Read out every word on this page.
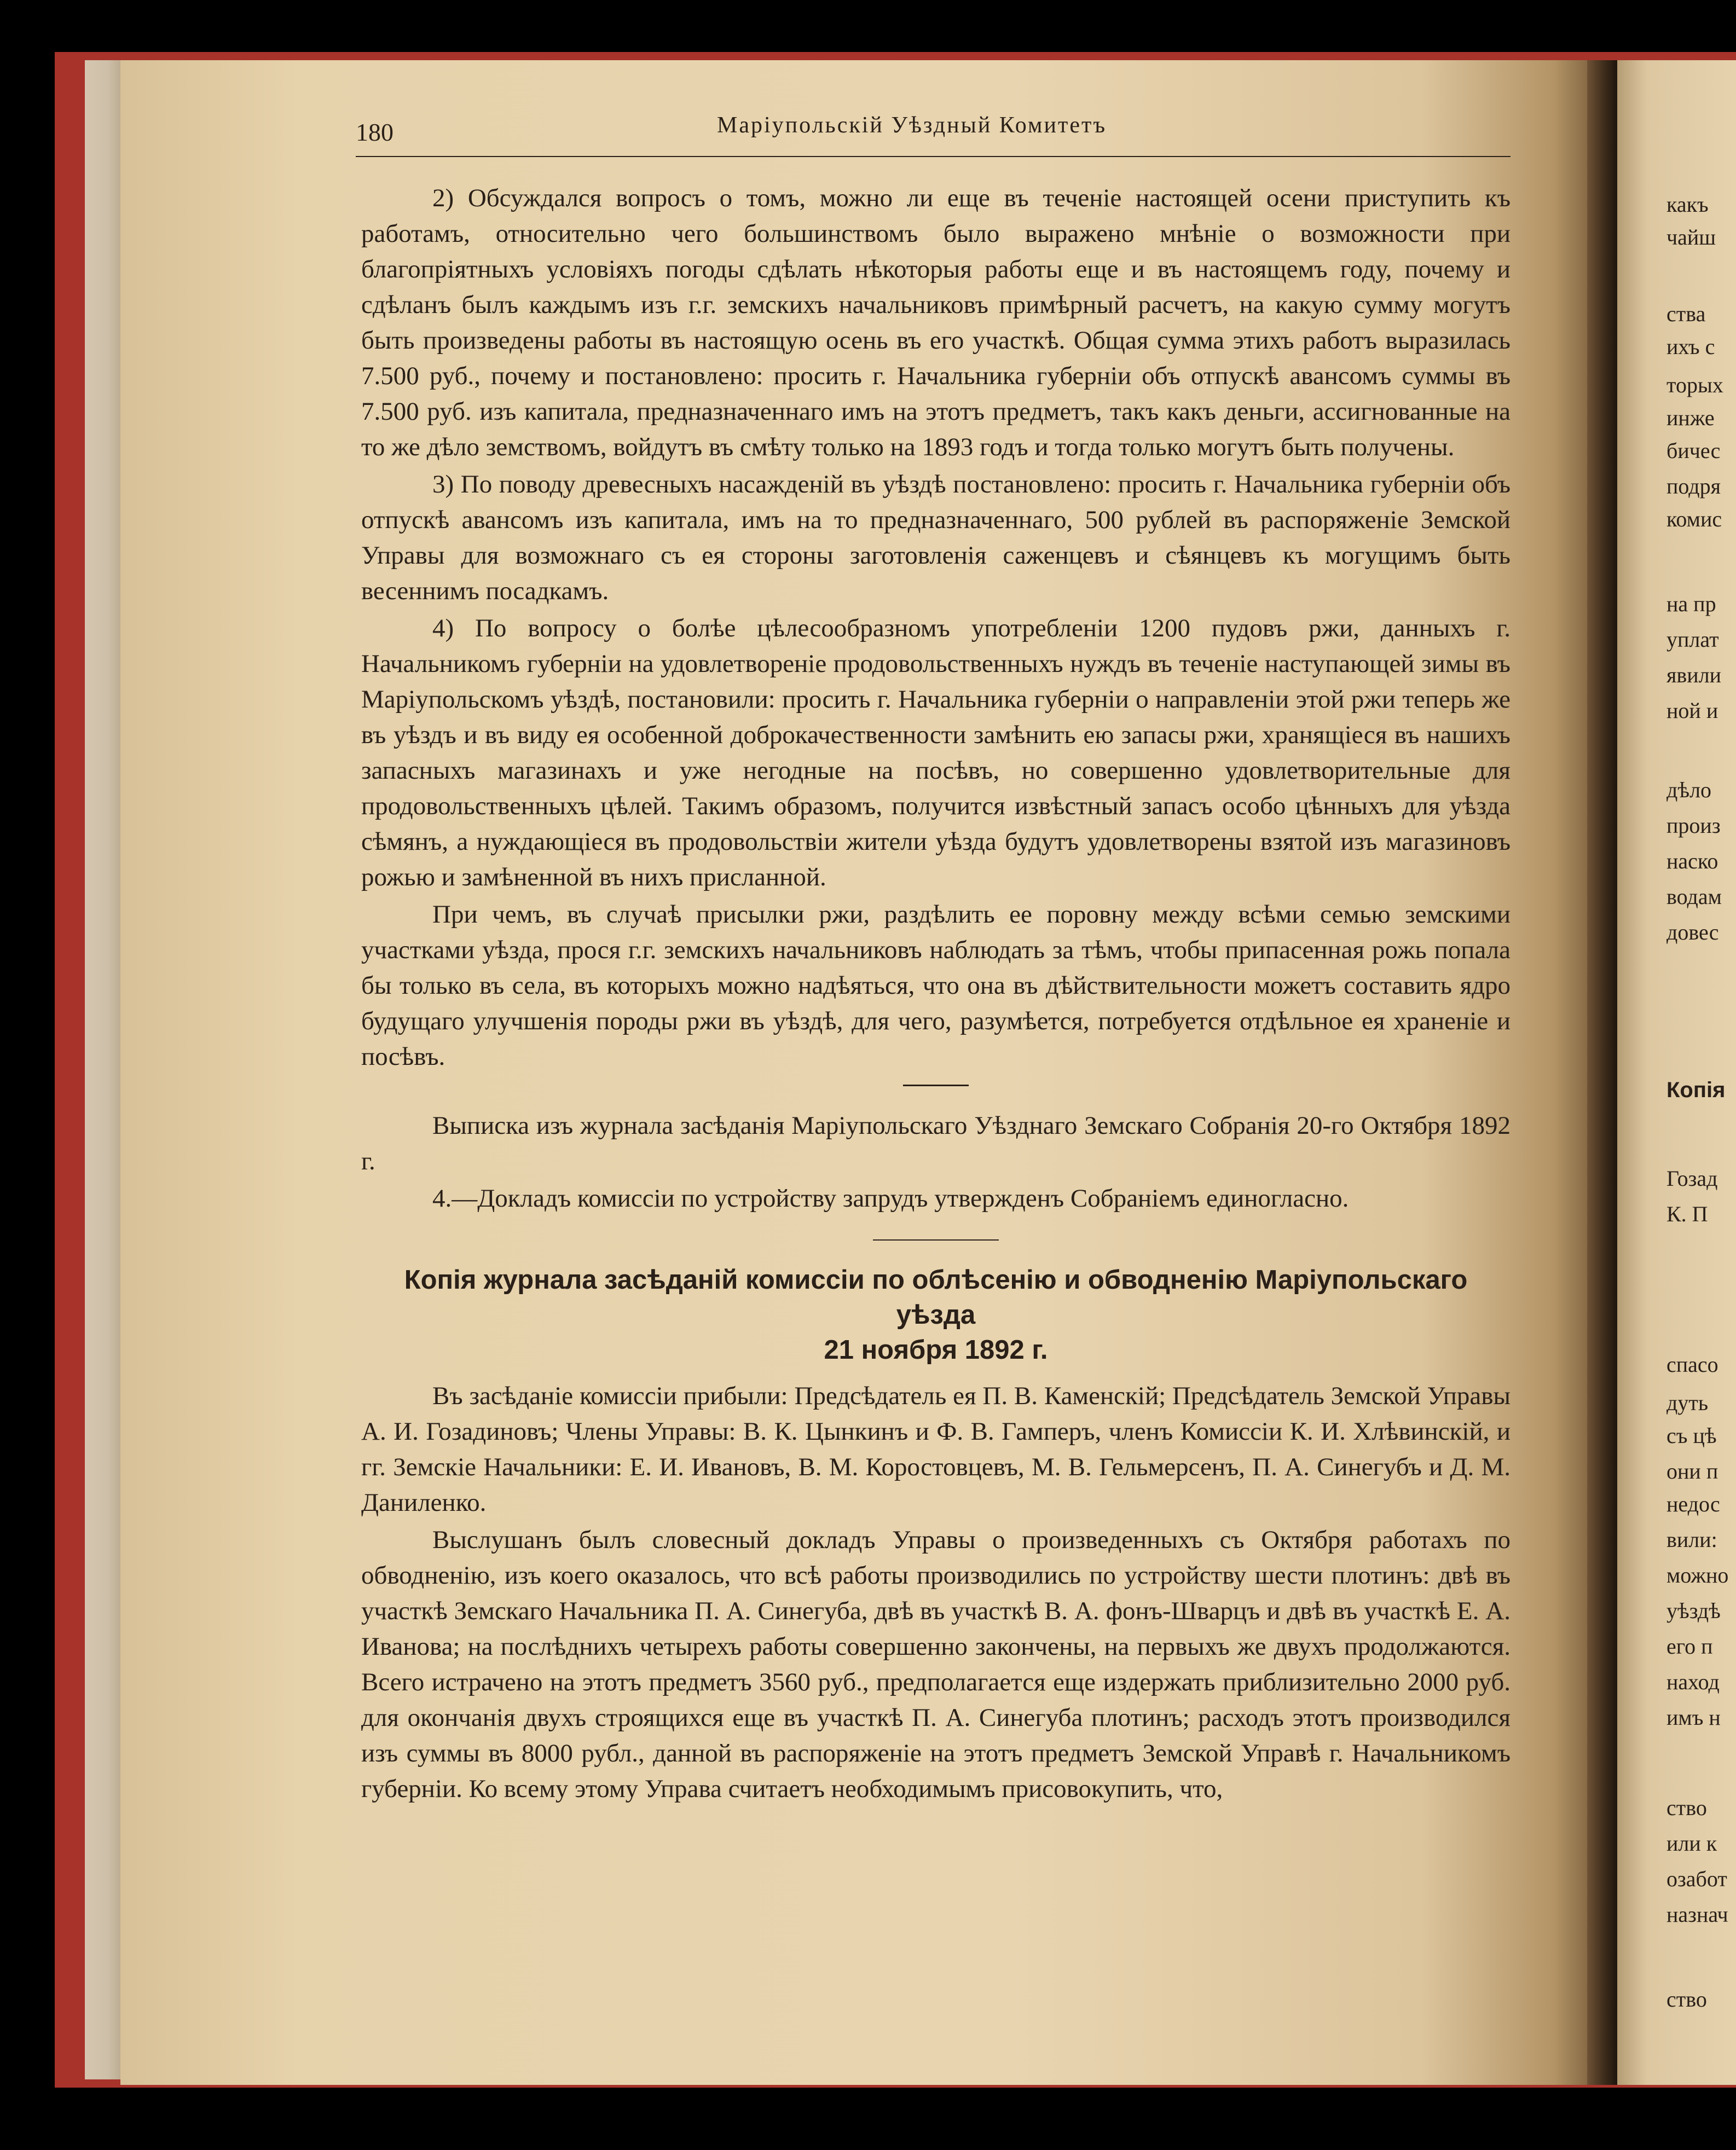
180	Маріупольскій Уѣздный Комитетъ

2) Обсуждался вопросъ о томъ, можно ли еще въ теченіе настоящей осени приступить къ работамъ, относительно чего большинствомъ было выражено мнѣніе о возможности при благопріятныхъ условіяхъ погоды сдѣлать нѣкоторыя работы еще и въ настоящемъ году, почему и сдѣланъ былъ каждымъ изъ г.г. земскихъ начальниковъ примѣрный расчетъ, на какую сумму могутъ быть произведены работы въ настоящую осень въ его участкѣ. Общая сумма этихъ работъ выразилась 7.500 руб., почему и постановлено: просить г. Начальника губерніи объ отпускѣ авансомъ суммы въ 7.500 руб. изъ капитала, предназначеннаго имъ на этотъ предметъ, такъ какъ деньги, ассигнованные на то же дѣло земствомъ, войдутъ въ смѣту только на 1893 годъ и тогда только могутъ быть получены.

3) По поводу древесныхъ насажденій въ уѣздѣ постановлено: просить г. Начальника губерніи объ отпускѣ авансомъ изъ капитала, имъ на то предназначеннаго, 500 рублей въ распоряженіе Земской Управы для возможнаго съ ея стороны заготовленія саженцевъ и сѣянцевъ къ могущимъ быть весеннимъ посадкамъ.

4) По вопросу о болѣе цѣлесообразномъ употребленіи 1200 пудовъ ржи, данныхъ г. Начальникомъ губерніи на удовлетвореніе продовольственныхъ нуждъ въ теченіе наступающей зимы въ Маріупольскомъ уѣздѣ, постановили: просить г. Начальника губерніи о направленіи этой ржи теперь же въ уѣздъ и въ виду ея особенной доброкачественности замѣнить ею запасы ржи, хранящіеся въ нашихъ запасныхъ магазинахъ и уже негодные на посѣвъ, но совершенно удовлетворительные для продовольственныхъ цѣлей. Такимъ образомъ, получится извѣстный запасъ особо цѣнныхъ для уѣзда сѣмянъ, а нуждающіеся въ продовольствіи жители уѣзда будутъ удовлетворены взятой изъ магазиновъ рожью и замѣненной въ нихъ присланной.

При чемъ, въ случаѣ присылки ржи, раздѣлить ее поровну между всѣми семью земскими участками уѣзда, прося г.г. земскихъ начальниковъ наблюдать за тѣмъ, чтобы припасенная рожь попала бы только въ села, въ которыхъ можно надѣяться, что она въ дѣйствительности можетъ составить ядро будущаго улучшенія породы ржи въ уѣздѣ, для чего, разумѣется, потребуется отдѣльное ея храненіе и посѣвъ.

Выписка изъ журнала засѣданія Маріупольскаго Уѣзднаго Земскаго Собранія 20-го Октября 1892 г.

4.—Докладъ комиссіи по устройству запрудъ утвержденъ Собраніемъ единогласно.

Копія журнала засѣданій комиссіи по облѣсенію и обводненію Маріупольскаго уѣзда
21 ноября 1892 г.

Въ засѣданіе комиссіи прибыли: Предсѣдатель ея П. В. Каменскій; Предсѣдатель Земской Управы А. И. Гозадиновъ; Члены Управы: В. К. Цынкинъ и Ф. В. Гамперъ, членъ Комиссіи К. И. Хлѣвинскій, и гг. Земскіе Начальники: Е. И. Ивановъ, В. М. Коростовцевъ, М. В. Гельмерсенъ, П. А. Синегубъ и Д. М. Даниленко.

Выслушанъ былъ словесный докладъ Управы о произведенныхъ съ Октября работахъ по обводненію, изъ коего оказалось, что всѣ работы производились по устройству шести плотинъ: двѣ въ участкѣ Земскаго Начальника П. А. Синегуба, двѣ въ участкѣ В. А. фонъ-Шварцъ и двѣ въ участкѣ Е. А. Иванова; на послѣднихъ четырехъ работы совершенно закончены, на первыхъ же двухъ продолжаются. Всего истрачено на этотъ предметъ 3560 руб., предполагается еще издержать приблизительно 2000 руб. для окончанія двухъ строящихся еще въ участкѣ П. А. Синегуба плотинъ; расходъ этотъ производился изъ суммы въ 8000 рубл., данной въ распоряженіе на этотъ предметъ Земской Управѣ г. Начальникомъ губерніи. Ко всему этому Управа считаетъ необходимымъ присовокупить, что,

какъ
чайш
ства
ихъ с
торых
инже
бичес
подря
комис
на пр
уплат
явили
ной и
дѣло
произ
наско
водам
довес
Копія
Гозад
К. П
спасо
дуть
съ цѣ
они п
недос
вили:
можно
уѣздѣ
его п
наход
имъ н
ство
или к
озабот
назнач
ство
